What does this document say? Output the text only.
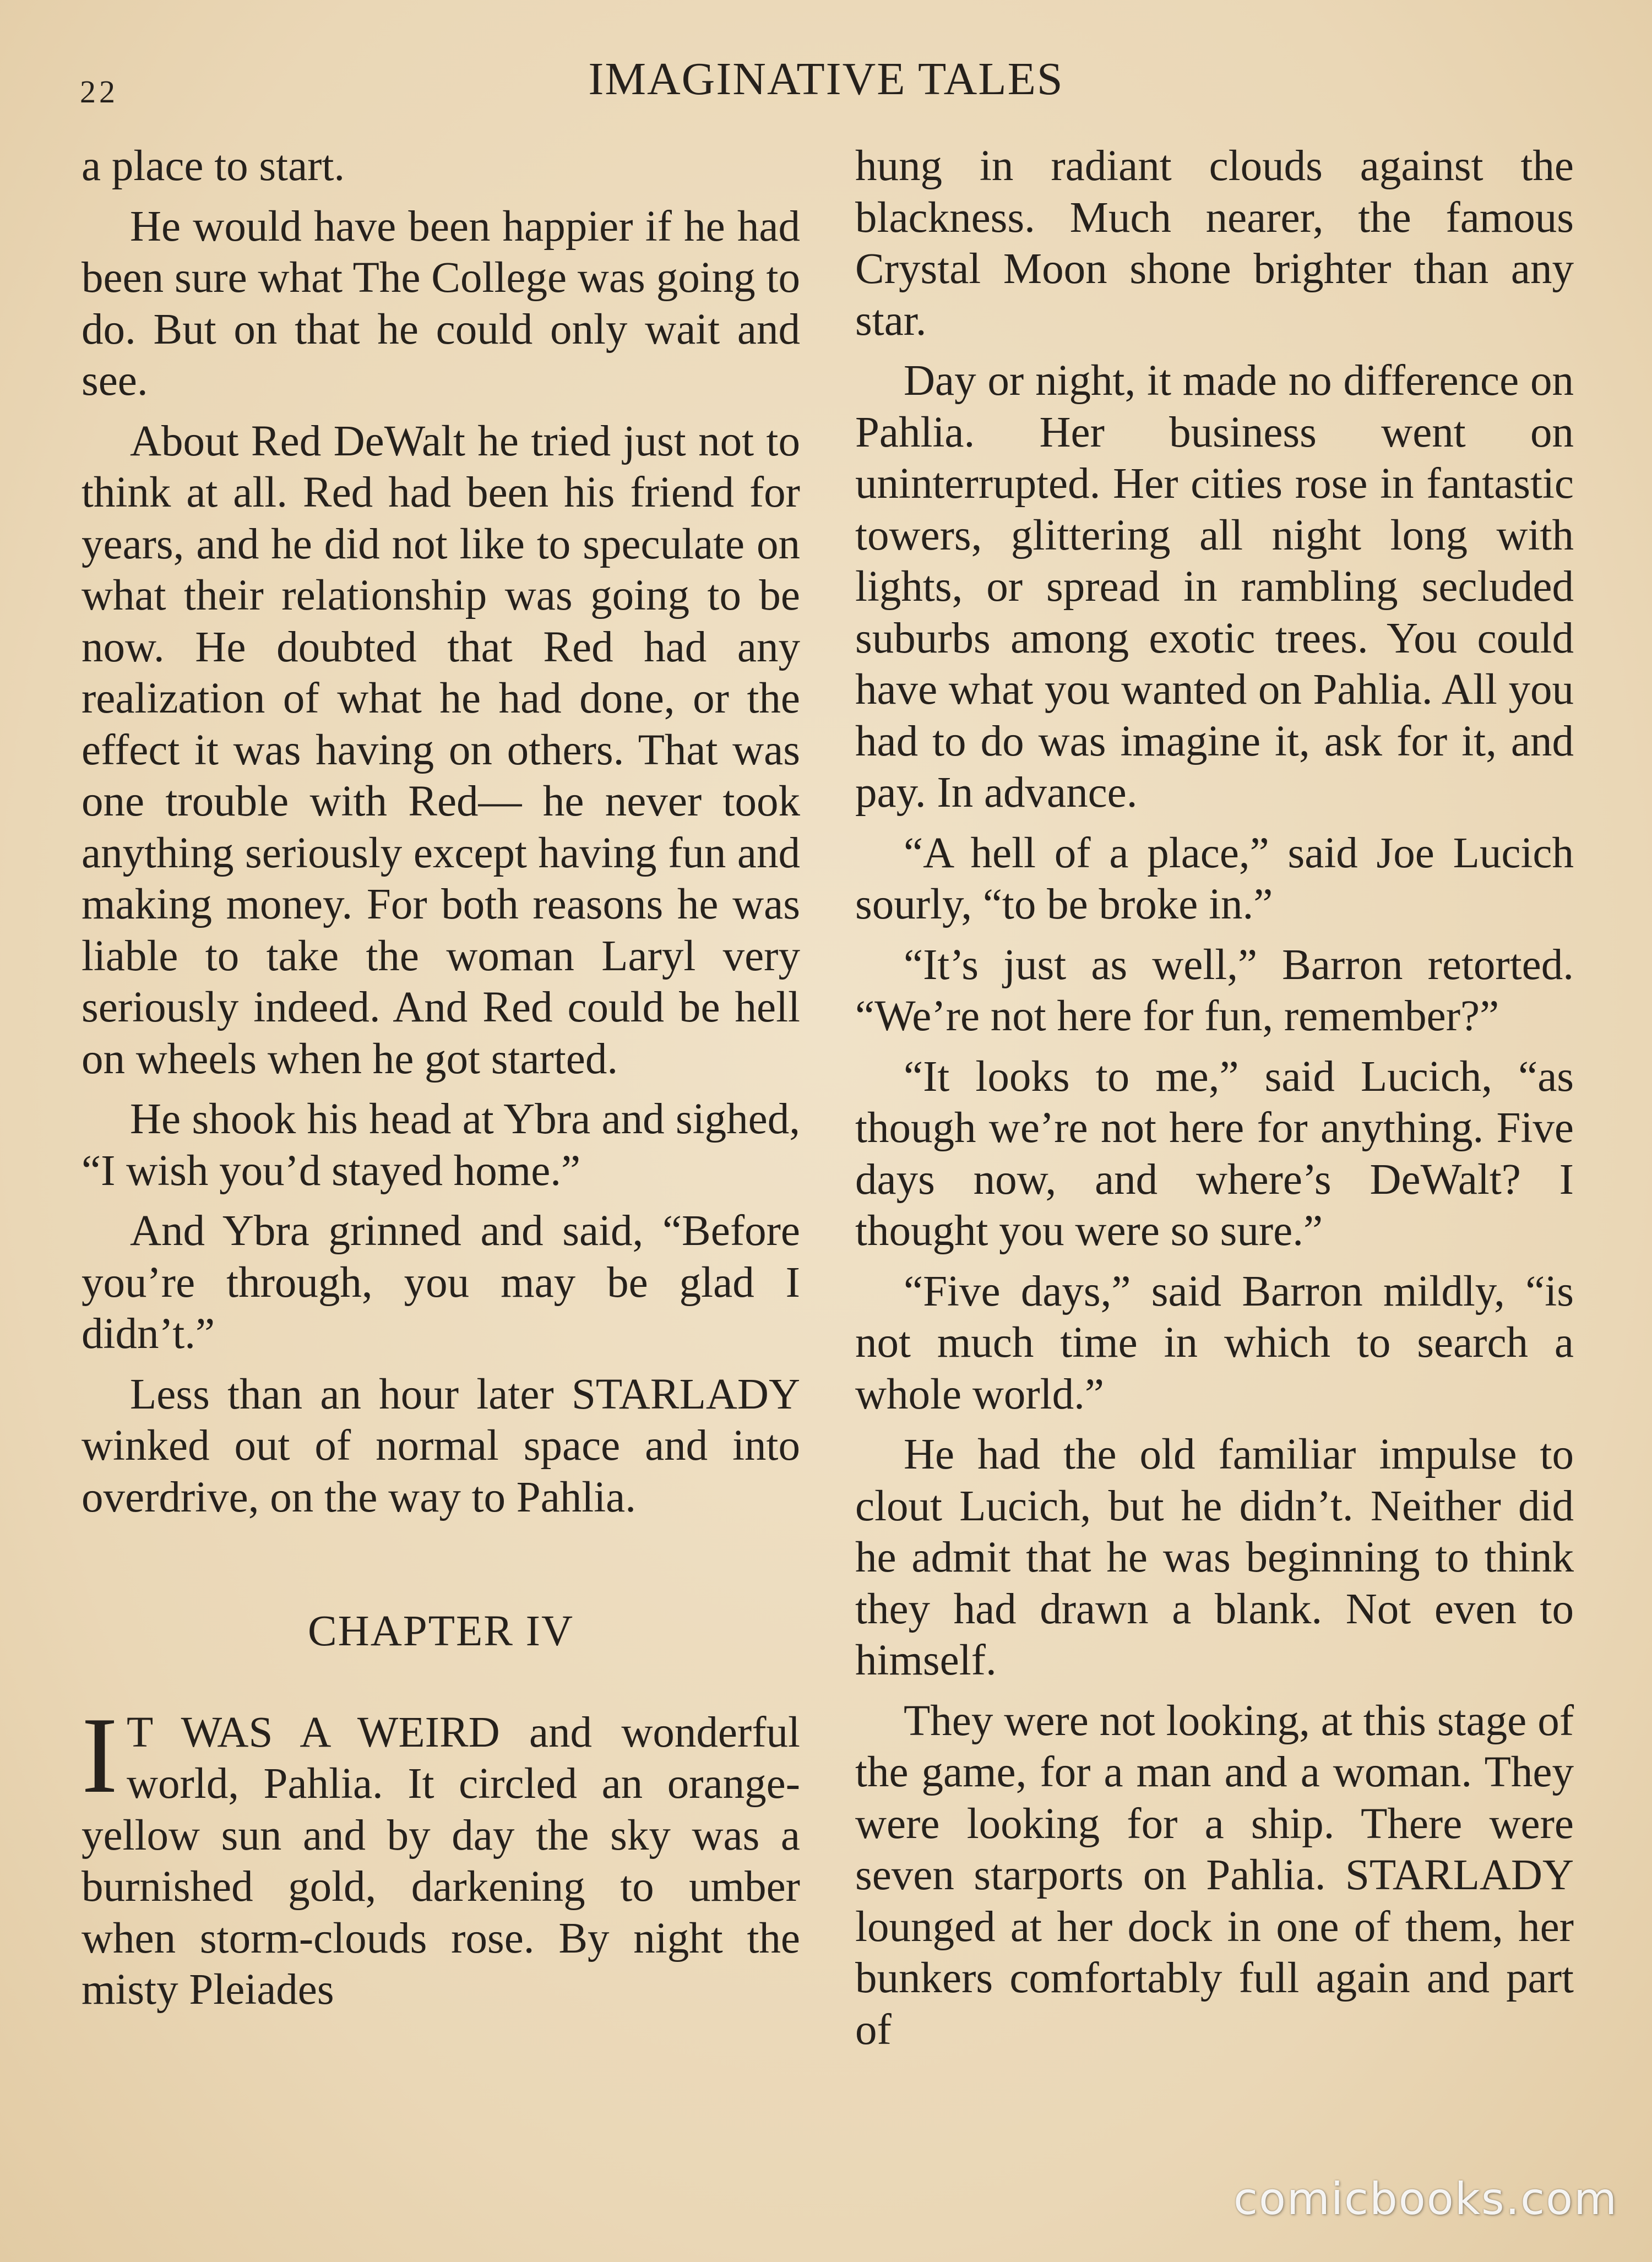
22	IMAGINATIVE TALES

a place to start.

He would have been happier if he had been sure what The College was going to do. But on that he could only wait and see.

About Red DeWalt he tried just not to think at all. Red had been his friend for years, and he did not like to speculate on what their relationship was going to be now. He doubted that Red had any realization of what he had done, or the effect it was having on others. That was one trouble with Red— he never took anything seriously except having fun and making money. For both reasons he was liable to take the woman Laryl very seriously indeed. And Red could be hell on wheels when he got started.

He shook his head at Ybra and sighed, “I wish you’d stayed home.”

And Ybra grinned and said, “Before you’re through, you may be glad I didn’t.”

Less than an hour later STARLADY winked out of normal space and into overdrive, on the way to Pahlia.

CHAPTER IV

I T WAS A WEIRD and wonderful world, Pahlia. It circled an orange-yellow sun and by day the sky was a burnished gold, darkening to umber when storm-clouds rose. By night the misty Pleiades

hung in radiant clouds against the blackness. Much nearer, the famous Crystal Moon shone brighter than any star.

Day or night, it made no difference on Pahlia. Her business went on uninterrupted. Her cities rose in fantastic towers, glittering all night long with lights, or spread in rambling secluded suburbs among exotic trees. You could have what you wanted on Pahlia. All you had to do was imagine it, ask for it, and pay. In advance.

“A hell of a place,” said Joe Lucich sourly, “to be broke in.”

“It’s just as well,” Barron retorted. “We’re not here for fun, remember?”

“It looks to me,” said Lucich, “as though we’re not here for anything. Five days now, and where’s DeWalt? I thought you were so sure.”

“Five days,” said Barron mildly, “is not much time in which to search a whole world.”

He had the old familiar impulse to clout Lucich, but he didn’t. Neither did he admit that he was beginning to think they had drawn a blank. Not even to himself.

They were not looking, at this stage of the game, for a man and a woman. They were looking for a ship. There were seven starports on Pahlia. STARLADY lounged at her dock in one of them, her bunkers comfortably full again and part of

comicbooks.com
